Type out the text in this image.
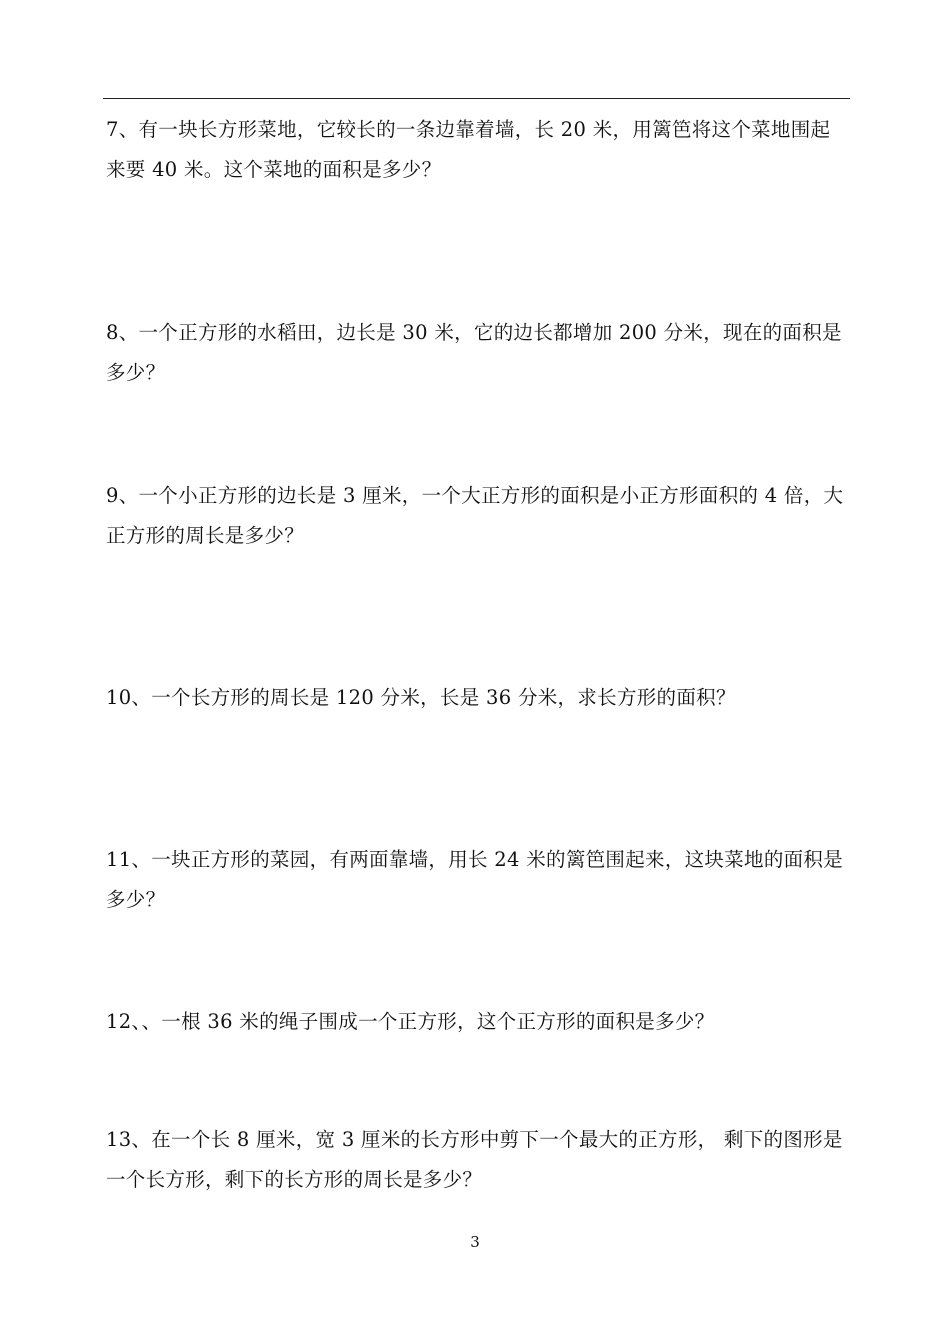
7、有一块长方形菜地，它较长的一条边靠着墙，长 20 米，用篱笆将这个菜地围起来要 40 米。这个菜地的面积是多少？
8、一个正方形的水稻田，边长是 30 米，它的边长都增加 200 分米，现在的面积是多少？
9、一个小正方形的边长是 3 厘米，一个大正方形的面积是小正方形面积的 4 倍，大正方形的周长是多少？
10、一个长方形的周长是 120 分米，长是 36 分米，求长方形的面积？
11、一块正方形的菜园，有两面靠墙，用长 24 米的篱笆围起来，这块菜地的面积是多少？
12、、一根 36 米的绳子围成一个正方形，这个正方形的面积是多少？
13、在一个长 8 厘米，宽 3 厘米的长方形中剪下一个最大的正方形， 剩下的图形是一个长方形，剩下的长方形的周长是多少？
3
